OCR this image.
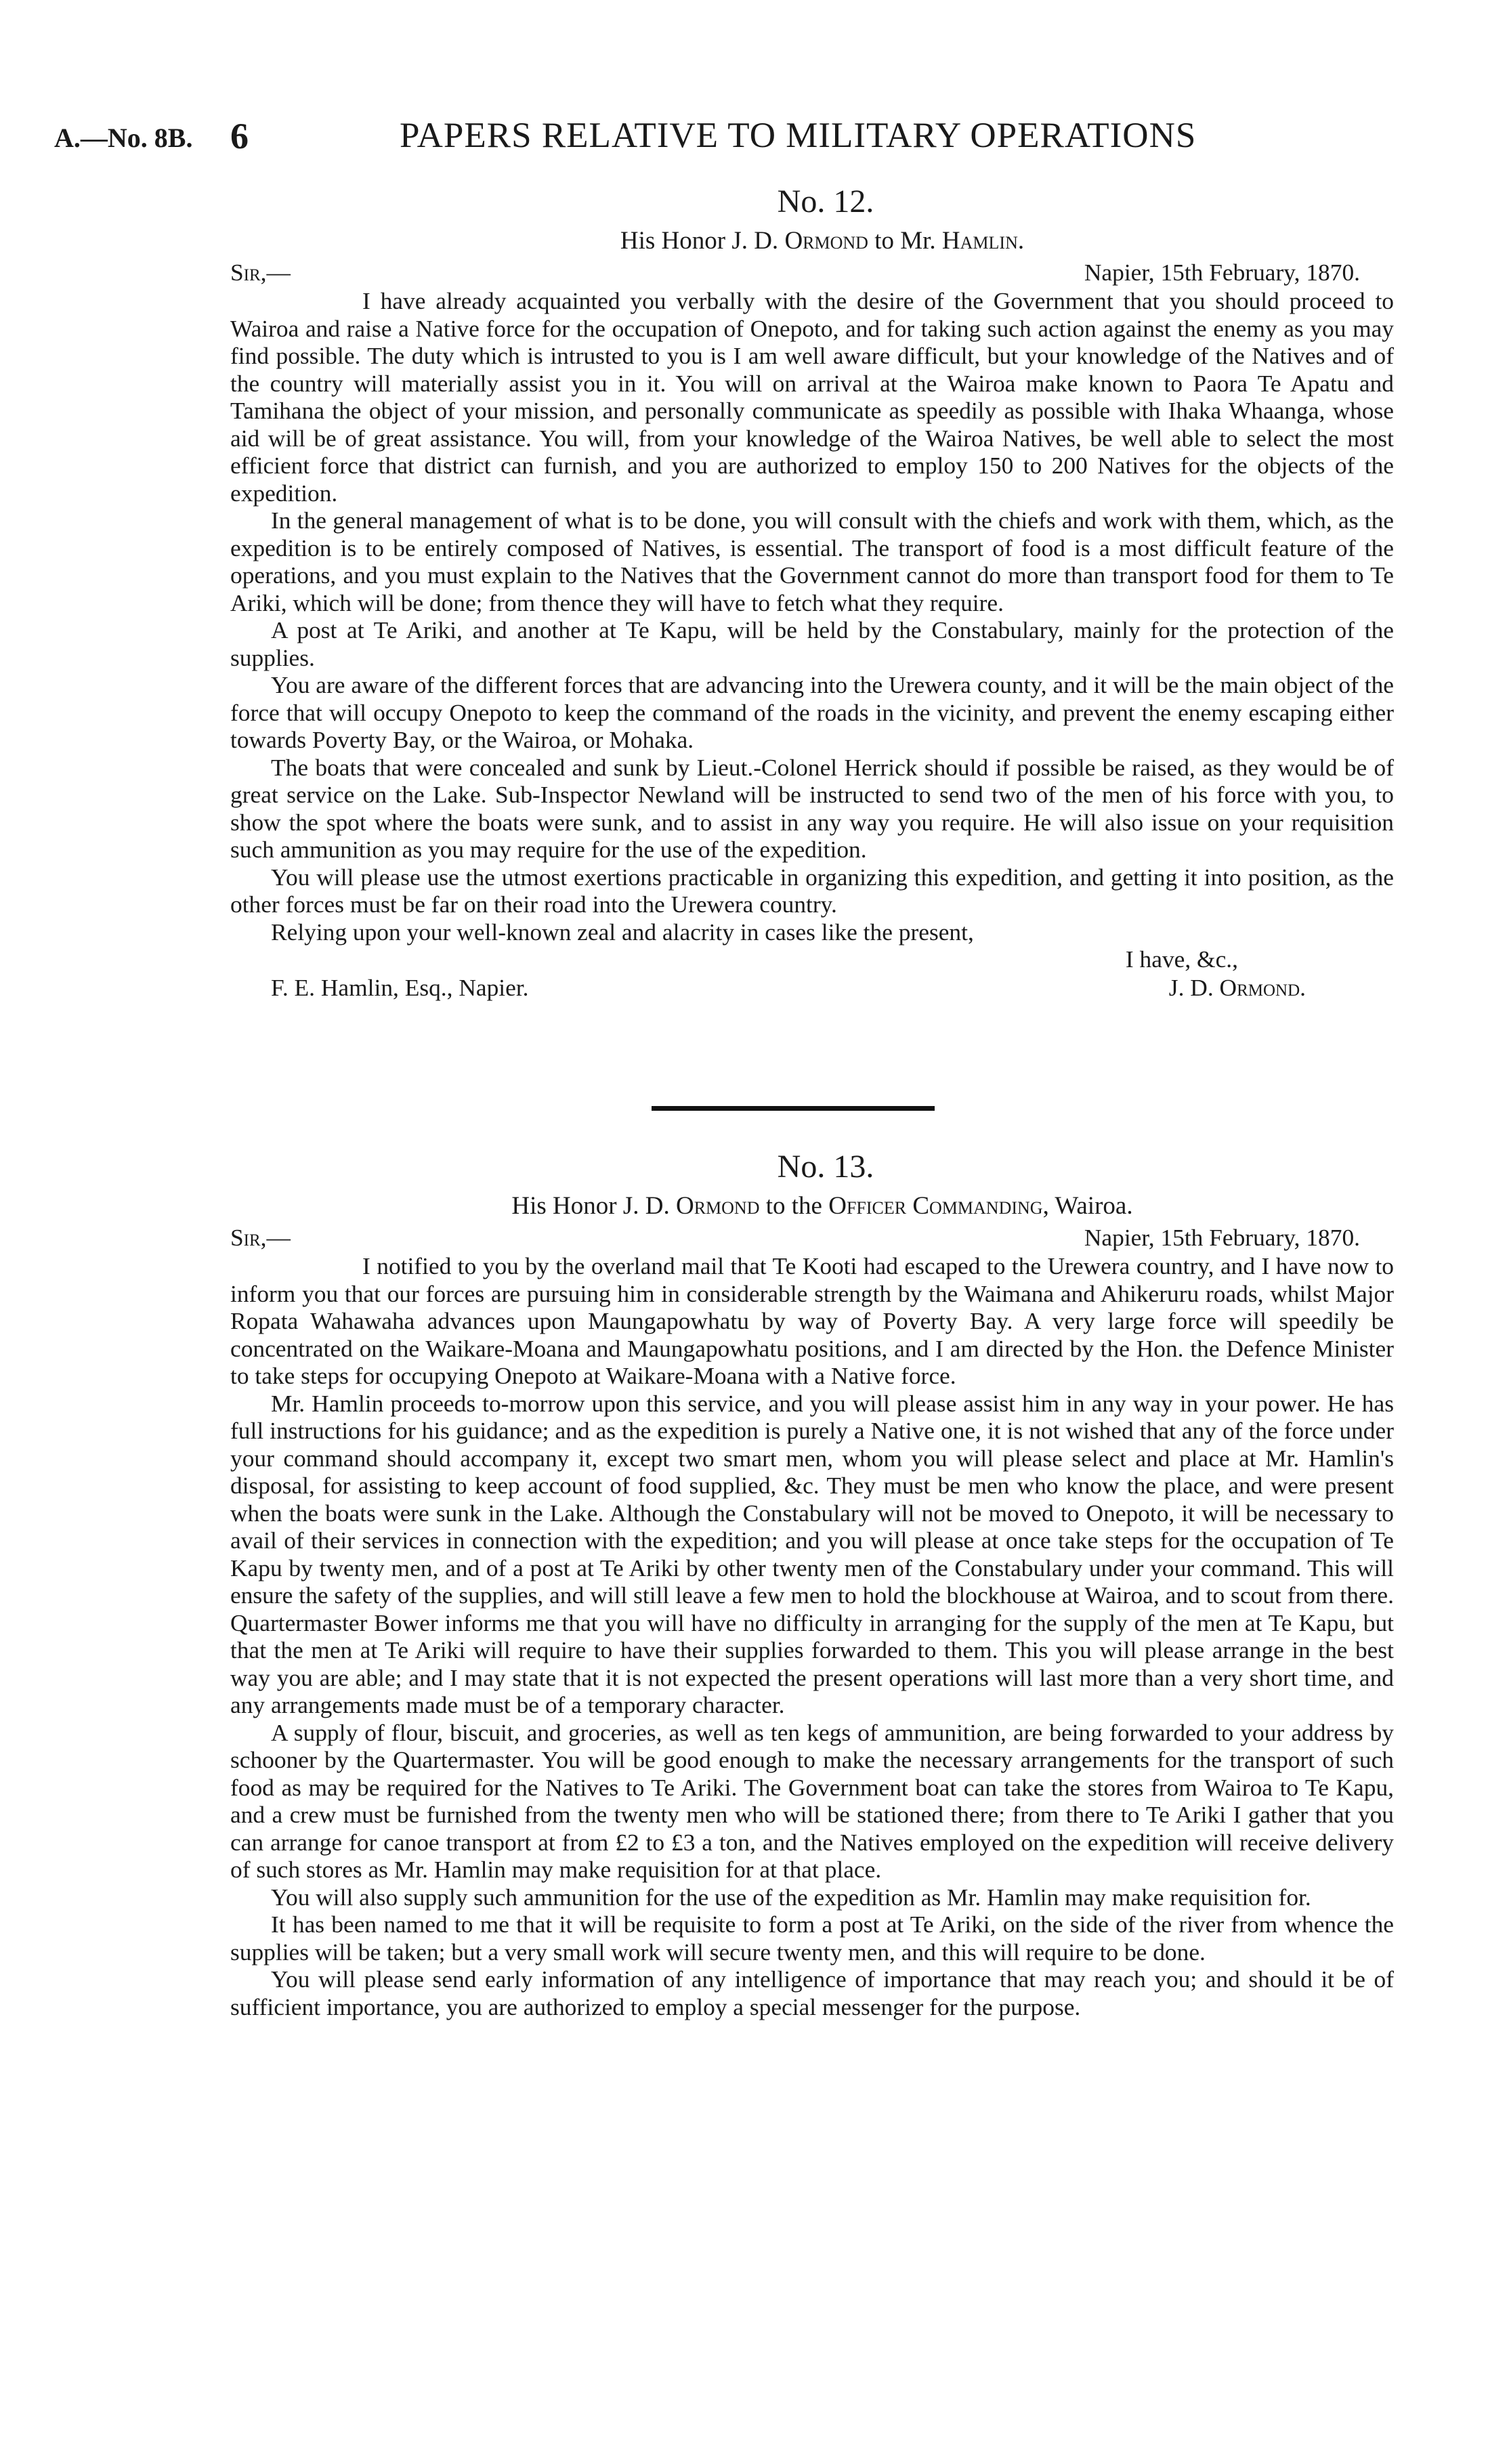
A.—No. 8B. 6	PAPERS RELATIVE TO MILITARY OPERATIONS
No. 12.
His Honor J. D. Ormond to Mr. Hamlin.
Sir,—	Napier, 15th February, 1870.

I have already acquainted you verbally with the desire of the Government that you should proceed to Wairoa and raise a Native force for the occupation of Onepoto, and for taking such action against the enemy as you may find possible. The duty which is intrusted to you is I am well aware difficult, but your knowledge of the Natives and of the country will materially assist you in it. You will on arrival at the Wairoa make known to Paora Te Apatu and Tamihana the object of your mission, and personally communicate as speedily as possible with Ihaka Whaanga, whose aid will be of great assistance. You will, from your knowledge of the Wairoa Natives, be well able to select the most efficient force that district can furnish, and you are authorized to employ 150 to 200 Natives for the objects of the expedition.

In the general management of what is to be done, you will consult with the chiefs and work with them, which, as the expedition is to be entirely composed of Natives, is essential. The transport of food is a most difficult feature of the operations, and you must explain to the Natives that the Government cannot do more than transport food for them to Te Ariki, which will be done; from thence they will have to fetch what they require.

A post at Te Ariki, and another at Te Kapu, will be held by the Constabulary, mainly for the protection of the supplies.

You are aware of the different forces that are advancing into the Urewera county, and it will be the main object of the force that will occupy Onepoto to keep the command of the roads in the vicinity, and prevent the enemy escaping either towards Poverty Bay, or the Wairoa, or Mohaka.

The boats that were concealed and sunk by Lieut.-Colonel Herrick should if possible be raised, as they would be of great service on the Lake. Sub-Inspector Newland will be instructed to send two of the men of his force with you, to show the spot where the boats were sunk, and to assist in any way you require. He will also issue on your requisition such ammunition as you may require for the use of the expedition.

You will please use the utmost exertions practicable in organizing this expedition, and getting it into position, as the other forces must be far on their road into the Urewera country.

Relying upon your well-known zeal and alacrity in cases like the present,

I have, &c.,
F. E. Hamlin, Esq., Napier.	J. D. Ormond.
No. 13.
His Honor J. D. Ormond to the Officer Commanding, Wairoa.
Sir,—	Napier, 15th February, 1870.

I notified to you by the overland mail that Te Kooti had escaped to the Urewera country, and I have now to inform you that our forces are pursuing him in considerable strength by the Waimana and Ahikeruru roads, whilst Major Ropata Wahawaha advances upon Maungapowhatu by way of Poverty Bay. A very large force will speedily be concentrated on the Waikare-Moana and Maungapowhatu positions, and I am directed by the Hon. the Defence Minister to take steps for occupying Onepoto at Waikare-Moana with a Native force.

Mr. Hamlin proceeds to-morrow upon this service, and you will please assist him in any way in your power. He has full instructions for his guidance; and as the expedition is purely a Native one, it is not wished that any of the force under your command should accompany it, except two smart men, whom you will please select and place at Mr. Hamlin's disposal, for assisting to keep account of food supplied, &c. They must be men who know the place, and were present when the boats were sunk in the Lake. Although the Constabulary will not be moved to Onepoto, it will be necessary to avail of their services in connection with the expedition; and you will please at once take steps for the occupation of Te Kapu by twenty men, and of a post at Te Ariki by other twenty men of the Constabulary under your command. This will ensure the safety of the supplies, and will still leave a few men to hold the blockhouse at Wairoa, and to scout from there. Quartermaster Bower informs me that you will have no difficulty in arranging for the supply of the men at Te Kapu, but that the men at Te Ariki will require to have their supplies forwarded to them. This you will please arrange in the best way you are able; and I may state that it is not expected the present operations will last more than a very short time, and any arrangements made must be of a temporary character.

A supply of flour, biscuit, and groceries, as well as ten kegs of ammunition, are being forwarded to your address by schooner by the Quartermaster. You will be good enough to make the necessary arrangements for the transport of such food as may be required for the Natives to Te Ariki. The Government boat can take the stores from Wairoa to Te Kapu, and a crew must be furnished from the twenty men who will be stationed there; from there to Te Ariki I gather that you can arrange for canoe transport at from £2 to £3 a ton, and the Natives employed on the expedition will receive delivery of such stores as Mr. Hamlin may make requisition for at that place.

You will also supply such ammunition for the use of the expedition as Mr. Hamlin may make requisition for.

It has been named to me that it will be requisite to form a post at Te Ariki, on the side of the river from whence the supplies will be taken; but a very small work will secure twenty men, and this will require to be done.

You will please send early information of any intelligence of importance that may reach you; and should it be of sufficient importance, you are authorized to employ a special messenger for the purpose.
